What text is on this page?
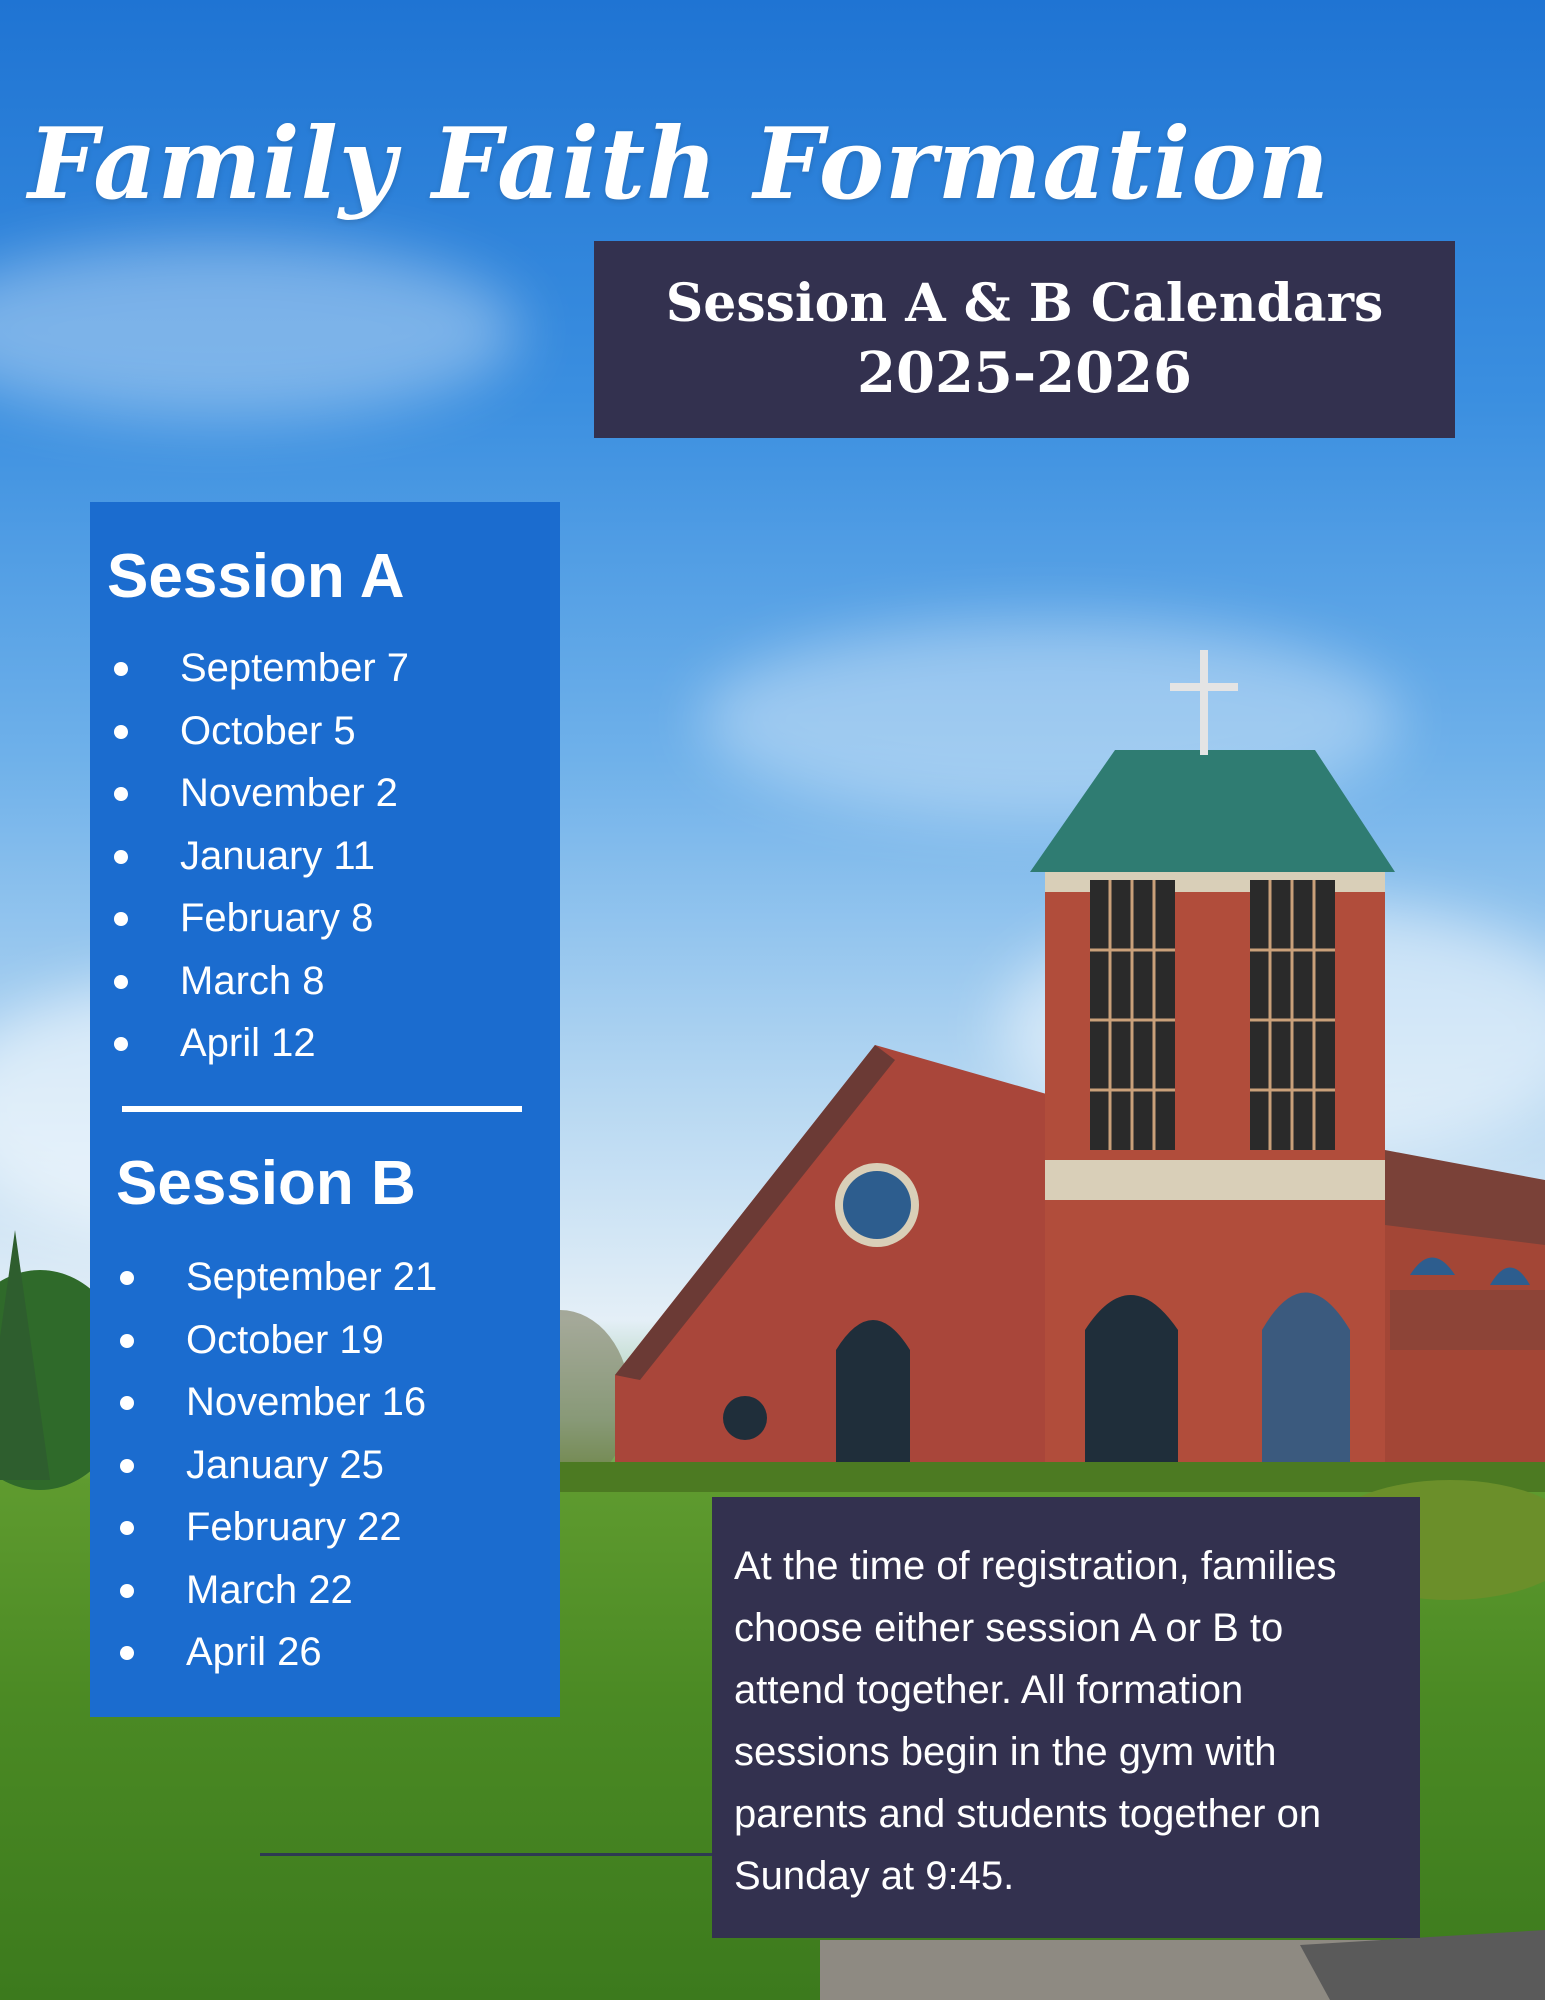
Family Faith Formation
Session A & B Calendars
2025-2026
Session A
September 7
October 5
November 2
January 11
February 8
March 8
April 12
Session B
September 21
October 19
November 16
January 25
February 22
March 22
April 26
At the time of registration, families choose either session A or B to attend together. All formation sessions begin in the gym with parents and students together on Sunday at 9:45.
